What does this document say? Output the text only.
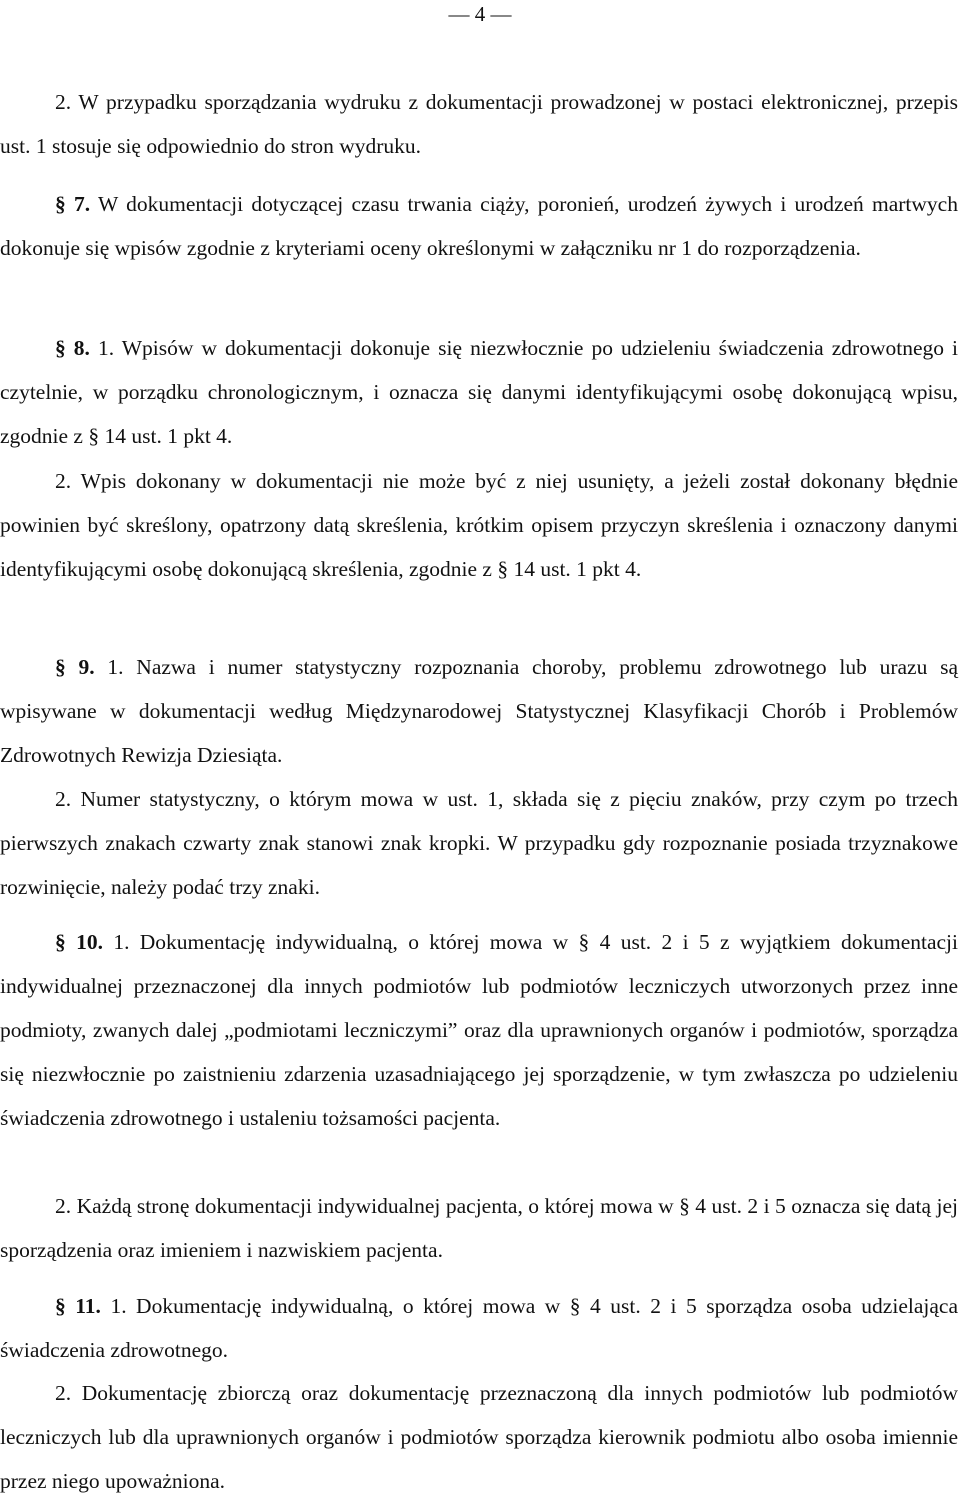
— 4 —

2. W przypadku sporządzania wydruku z dokumentacji prowadzonej w postaci elektronicznej, przepis ust. 1 stosuje się odpowiednio do stron wydruku.

§ 7. W dokumentacji dotyczącej czasu trwania ciąży, poronień, urodzeń żywych i urodzeń martwych dokonuje się wpisów zgodnie z kryteriami oceny określonymi w załączniku nr 1 do rozporządzenia.

§ 8. 1. Wpisów w dokumentacji dokonuje się niezwłocznie po udzieleniu świadczenia zdrowotnego i czytelnie, w porządku chronologicznym, i oznacza się danymi identyfikującymi osobę dokonującą wpisu, zgodnie z § 14 ust. 1 pkt 4.

2. Wpis dokonany w dokumentacji nie może być z niej usunięty, a jeżeli został dokonany błędnie powinien być skreślony, opatrzony datą skreślenia, krótkim opisem przyczyn skreślenia i oznaczony danymi identyfikującymi osobę dokonującą skreślenia, zgodnie z § 14 ust. 1 pkt 4.

§ 9. 1. Nazwa i numer statystyczny rozpoznania choroby, problemu zdrowotnego lub urazu są wpisywane w dokumentacji według Międzynarodowej Statystycznej Klasyfikacji Chorób i Problemów Zdrowotnych Rewizja Dziesiąta.

2. Numer statystyczny, o którym mowa w ust. 1, składa się z pięciu znaków, przy czym po trzech pierwszych znakach czwarty znak stanowi znak kropki. W przypadku gdy rozpoznanie posiada trzyznakowe rozwinięcie, należy podać trzy znaki.

§ 10. 1. Dokumentację indywidualną, o której mowa w § 4 ust. 2 i 5 z wyjątkiem dokumentacji indywidualnej przeznaczonej dla innych podmiotów lub podmiotów leczniczych utworzonych przez inne podmioty, zwanych dalej „podmiotami leczniczymi” oraz dla uprawnionych organów i podmiotów, sporządza się niezwłocznie po zaistnieniu zdarzenia uzasadniającego jej sporządzenie, w tym zwłaszcza po udzieleniu świadczenia zdrowotnego i ustaleniu tożsamości pacjenta.

2. Każdą stronę dokumentacji indywidualnej pacjenta, o której mowa w § 4 ust. 2 i 5 oznacza się datą jej sporządzenia oraz imieniem i nazwiskiem pacjenta.

§ 11. 1. Dokumentację indywidualną, o której mowa w § 4 ust. 2 i 5 sporządza osoba udzielająca świadczenia zdrowotnego.

2. Dokumentację zbiorczą oraz dokumentację przeznaczoną dla innych podmiotów lub podmiotów leczniczych lub dla uprawnionych organów i podmiotów sporządza kierownik podmiotu albo osoba imiennie przez niego upoważniona.
